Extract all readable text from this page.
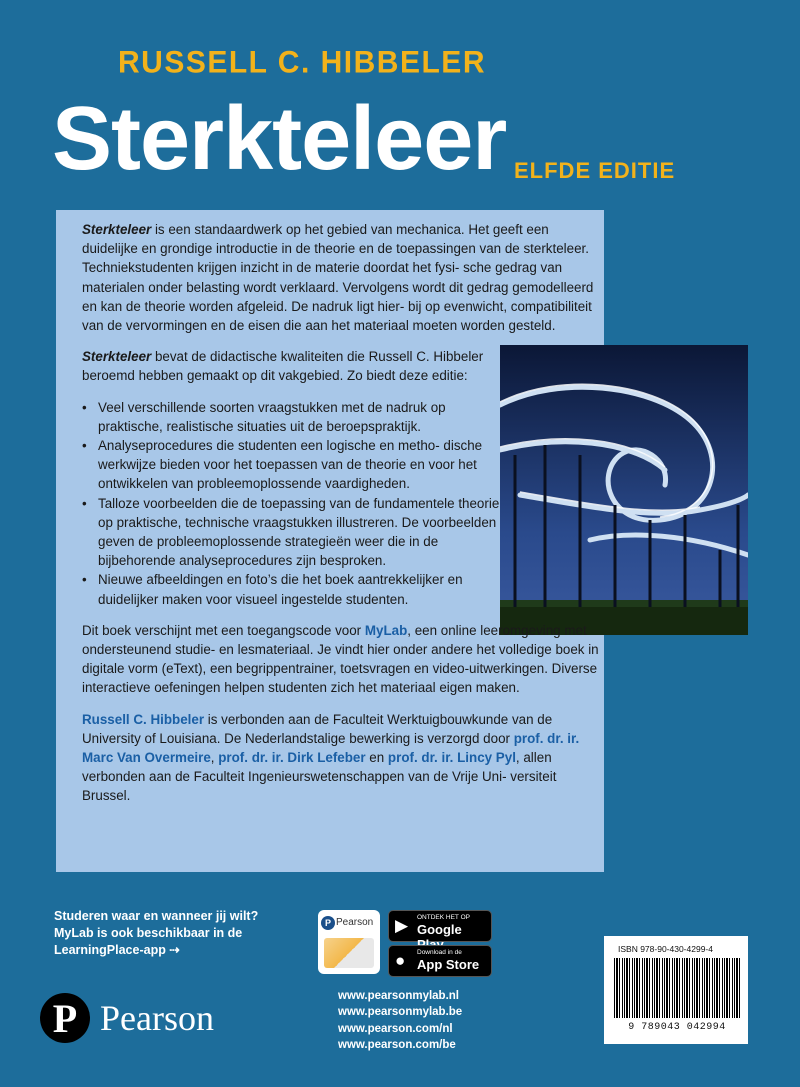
RUSSELL C. HIBBELER
Sterkteleer ELFDE EDITIE

Sterkteleer is een standaardwerk op het gebied van mechanica. Het geeft een duidelijke en grondige introductie in de theorie en de toepassingen van de sterkteleer. Techniekstudenten krijgen inzicht in de materie doordat het fysi- sche gedrag van materialen onder belasting wordt verklaard. Vervolgens wordt dit gedrag gemodelleerd en kan de theorie worden afgeleid. De nadruk ligt hier- bij op evenwicht, compatibiliteit van de vervormingen en de eisen die aan het materiaal moeten worden gesteld.

Sterkteleer bevat de didactische kwaliteiten die Russell C. Hibbeler beroemd hebben gemaakt op dit vakgebied. Zo biedt deze editie:

• Veel verschillende soorten vraagstukken met de nadruk op praktische, realistische situaties uit de beroepspraktijk.
• Analyseprocedures die studenten een logische en metho- dische werkwijze bieden voor het toepassen van de theorie en voor het ontwikkelen van probleemoplossende vaardigheden.
• Talloze voorbeelden die de toepassing van de fundamentele theorie op praktische, technische vraagstukken illustreren. De voorbeelden geven de probleemoplossende strategieën weer die in de bijbehorende analyseprocedures zijn besproken.
• Nieuwe afbeeldingen en foto’s die het boek aantrekkelijker en duidelijker maken voor visueel ingestelde studenten.

Dit boek verschijnt met een toegangscode voor MyLab, een online leeromgeving met ondersteunend studie- en lesmateriaal. Je vindt hier onder andere het volledige boek in digitale vorm (eText), een begrippentrainer, toetsvragen en video-uitwerkingen. Diverse interactieve oefeningen helpen studenten zich het materiaal eigen maken.

Russell C. Hibbeler is verbonden aan de Faculteit Werktuigbouwkunde van de University of Louisiana. De Nederlandstalige bewerking is verzorgd door prof. dr. ir. Marc Van Overmeire, prof. dr. ir. Dirk Lefeber en prof. dr. ir. Lincy Pyl, allen verbonden aan de Faculteit Ingenieurswetenschappen van de Vrije Uni- versiteit Brussel.

Studeren waar en wanneer jij wilt?
MyLab is ook beschikbaar in de
LearningPlace-app ⇢
P Pearson
P Pearson ▶ ONTDEK HET OP
Google
● Download in de
App Store
www.pearsonmylab.nl
www.pearsonmylab.be
www.pearson.com/nl
www.pearson.com/be
ISBN 978-90-430-4299-4
9 789043 042994
